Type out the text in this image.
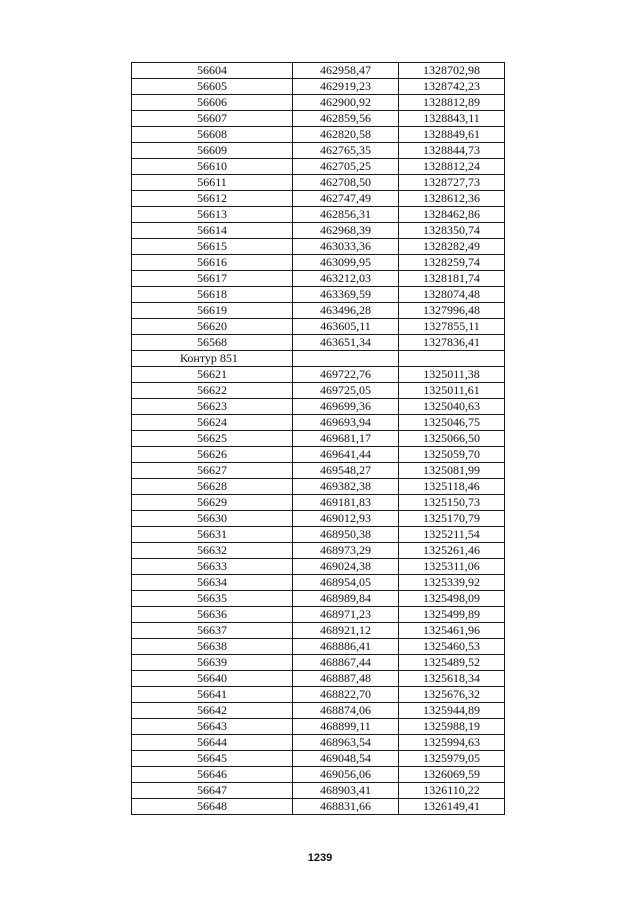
56604	462958,47	1328702,98
56605	462919,23	1328742,23
56606	462900,92	1328812,89
56607	462859,56	1328843,11
56608	462820,58	1328849,61
56609	462765,35	1328844,73
56610	462705,25	1328812,24
56611	462708,50	1328727,73
56612	462747,49	1328612,36
56613	462856,31	1328462,86
56614	462968,39	1328350,74
56615	463033,36	1328282,49
56616	463099,95	1328259,74
56617	463212,03	1328181,74
56618	463369,59	1328074,48
56619	463496,28	1327996,48
56620	463605,11	1327855,11
56568	463651,34	1327836,41
Контур 851		
56621	469722,76	1325011,38
56622	469725,05	1325011,61
56623	469699,36	1325040,63
56624	469693,94	1325046,75
56625	469681,17	1325066,50
56626	469641,44	1325059,70
56627	469548,27	1325081,99
56628	469382,38	1325118,46
56629	469181,83	1325150,73
56630	469012,93	1325170,79
56631	468950,38	1325211,54
56632	468973,29	1325261,46
56633	469024,38	1325311,06
56634	468954,05	1325339,92
56635	468989,84	1325498,09
56636	468971,23	1325499,89
56637	468921,12	1325461,96
56638	468886,41	1325460,53
56639	468867,44	1325489,52
56640	468887,48	1325618,34
56641	468822,70	1325676,32
56642	468874,06	1325944,89
56643	468899,11	1325988,19
56644	468963,54	1325994,63
56645	469048,54	1325979,05
56646	469056,06	1326069,59
56647	468903,41	1326110,22
56648	468831,66	1326149,41
1239
